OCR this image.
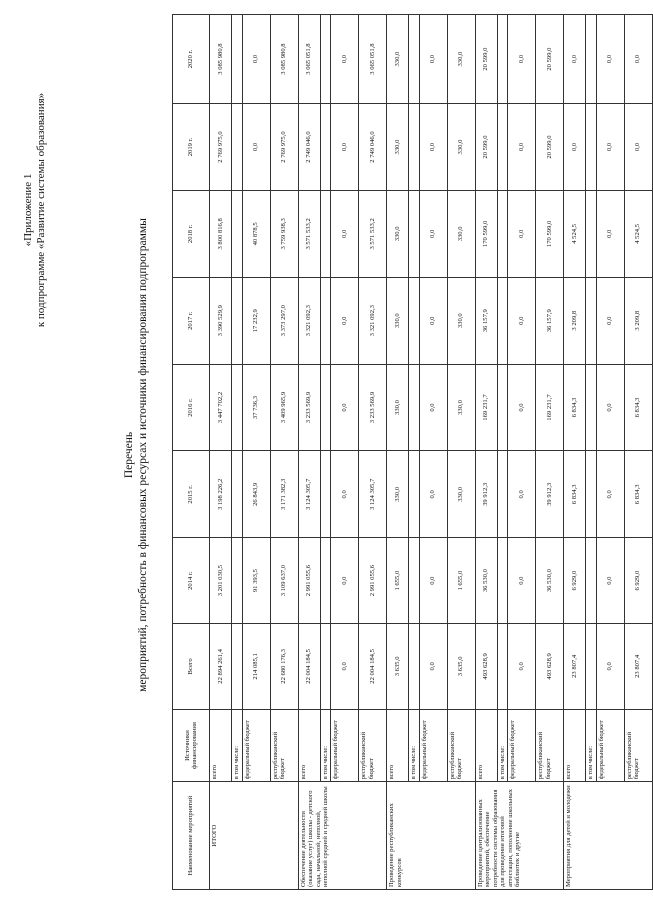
«Приложение 1 к подпрограмме «Развитие системы образования»
Перечень мероприятий, потребность в финансовых ресурсах и источники финансирования подпрограммы
Наименование мероприятий	Источники финансирования	Всего	2014 г.	2015 г.	2016 г.	2017 г.	2018 г.	2019 г.	2020 г.
ИТОГО	всего	22 894 261,4	3 201 030,5	3 198 226,2	3 447 702,2	3 390 529,9	3 800 816,8	2 769 975,0	3 085 980,8
	в том числе:								
	федеральный бюджет	214 085,1	91 393,5	26 843,9	37 736,3	17 232,9	40 878,5	0,0	0,0
	республиканский бюджет	22 680 176,3	3 109 637,0	3 171 382,3	3 409 965,9	3 373 297,0	3 759 938,3	2 769 975,0	3 085 980,8
Обеспечение деятельности (оказание услуг) школы - детского сада, начальной, неполной, неполной средней и средней школы	всего	22 004 184,5	2 991 055,6	3 124 305,7	3 233 569,9	3 321 092,3	3 571 533,2	2 749 046,0	3 065 051,8
	в том числе:								
	федеральный бюджет	0,0	0,0	0,0	0,0	0,0	0,0	0,0	0,0
	республиканский бюджет	22 004 184,5	2 991 055,6	3 124 305,7	3 233 569,9	3 321 092,3	3 571 533,2	2 749 046,0	3 065 051,8
Проведение республиканских конкурсов	всего	3 635,0	1 655,0	330,0	330,0	330,0	330,0	330,0	330,0
	в том числе:								
	федеральный бюджет	0,0	0,0	0,0	0,0	0,0	0,0	0,0	0,0
	республиканский бюджет	3 635,0	1 655,0	330,0	330,0	330,0	330,0	330,0	330,0
Проведение централизованных мероприятий, обеспечение потребности системы образования для проведения итоговой аттестации, пополнение школьных библиотек и другие	всего	493 628,9	36 530,0	39 912,3	169 231,7	36 157,9	170 599,0	20 599,0	20 599,0
	в том числе:								
	федеральный бюджет	0,0	0,0	0,0	0,0	0,0	0,0	0,0	0,0
	республиканский бюджет	493 628,9	36 530,0	39 912,3	169 231,7	36 157,9	170 599,0	20 599,0	20 599,0
Мероприятия для детей и молодежи	всего	23 807,4	6 929,0	6 834,3	6 834,3	3 209,8	4 524,5	0,0	0,0
	в том числе:								
	федеральный бюджет	0,0	0,0	0,0	0,0	0,0	0,0	0,0	0,0
	республиканский бюджет	23 807,4	6 929,0	6 834,3	6 834,3	3 209,8	4 524,5	0,0	0,0
